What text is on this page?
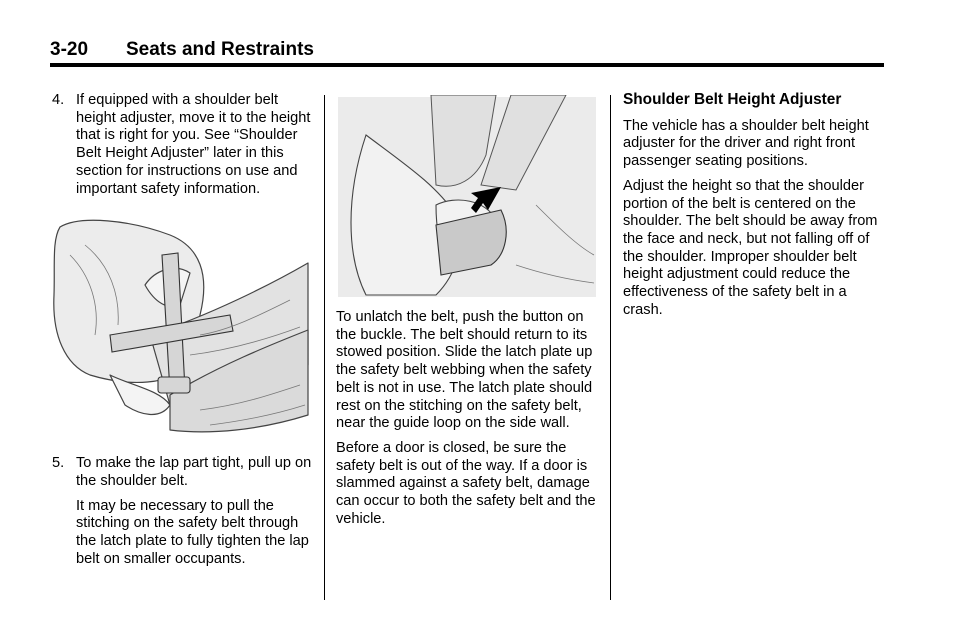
3-20 Seats and Restraints

4. If equipped with a shoulder belt height adjuster, move it to the height that is right for you. See “Shoulder Belt Height Adjuster” later in this section for instructions on use and important safety information.

5. To make the lap part tight, pull up on the shoulder belt.

It may be necessary to pull the stitching on the safety belt through the latch plate to fully tighten the lap belt on smaller occupants.

To unlatch the belt, push the button on the buckle. The belt should return to its stowed position. Slide the latch plate up the safety belt webbing when the safety belt is not in use. The latch plate should rest on the stitching on the safety belt, near the guide loop on the side wall.

Before a door is closed, be sure the safety belt is out of the way. If a door is slammed against a safety belt, damage can occur to both the safety belt and the vehicle.

Shoulder Belt Height Adjuster

The vehicle has a shoulder belt height adjuster for the driver and right front passenger seating positions.

Adjust the height so that the shoulder portion of the belt is centered on the shoulder. The belt should be away from the face and neck, but not falling off of the shoulder. Improper shoulder belt height adjustment could reduce the effectiveness of the safety belt in a crash.
